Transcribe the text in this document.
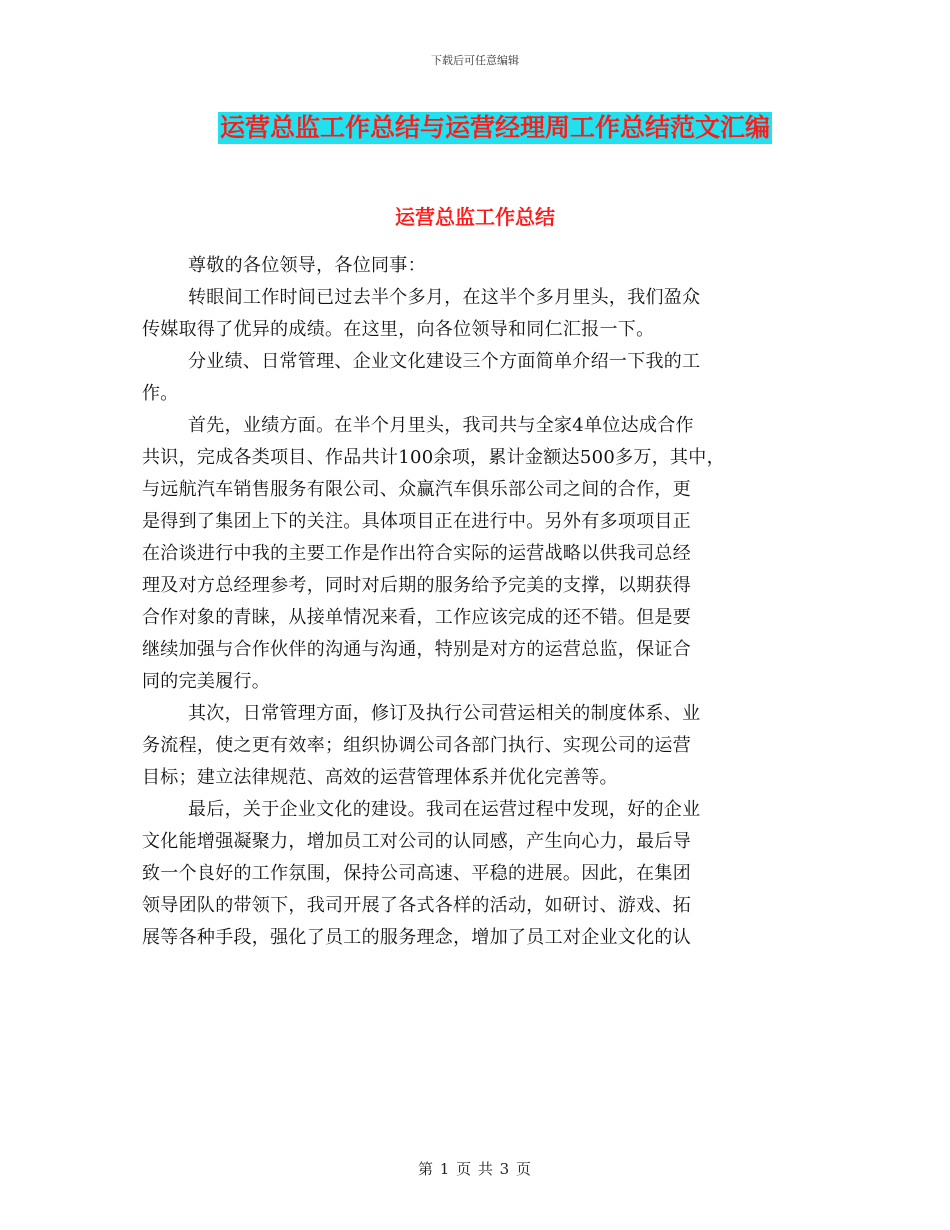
下载后可任意编辑
运营总监工作总结与运营经理周工作总结范文汇编
运营总监工作总结
尊敬的各位领导，各位同事：
转眼间工作时间已过去半个多月，在这半个多月里头，我们盈众
传媒取得了优异的成绩。在这里，向各位领导和同仁汇报一下。
分业绩、日常管理、企业文化建设三个方面简单介绍一下我的工
作。
首先，业绩方面。在半个月里头，我司共与全家4单位达成合作
共识，完成各类项目、作品共计100余项，累计金额达500多万，其中，
与远航汽车销售服务有限公司、众赢汽车俱乐部公司之间的合作，更
是得到了集团上下的关注。具体项目正在进行中。另外有多项项目正
在洽谈进行中我的主要工作是作出符合实际的运营战略以供我司总经
理及对方总经理参考，同时对后期的服务给予完美的支撑，以期获得
合作对象的青睐，从接单情况来看，工作应该完成的还不错。但是要
继续加强与合作伙伴的沟通与沟通，特别是对方的运营总监，保证合
同的完美履行。
其次，日常管理方面，修订及执行公司营运相关的制度体系、业
务流程，使之更有效率；组织协调公司各部门执行、实现公司的运营
目标；建立法律规范、高效的运营管理体系并优化完善等。
最后，关于企业文化的建设。我司在运营过程中发现，好的企业
文化能增强凝聚力，增加员工对公司的认同感，产生向心力，最后导
致一个良好的工作氛围，保持公司高速、平稳的进展。因此，在集团
领导团队的带领下，我司开展了各式各样的活动，如研讨、游戏、拓
展等各种手段，强化了员工的服务理念，增加了员工对企业文化的认
第 1 页 共 3 页
